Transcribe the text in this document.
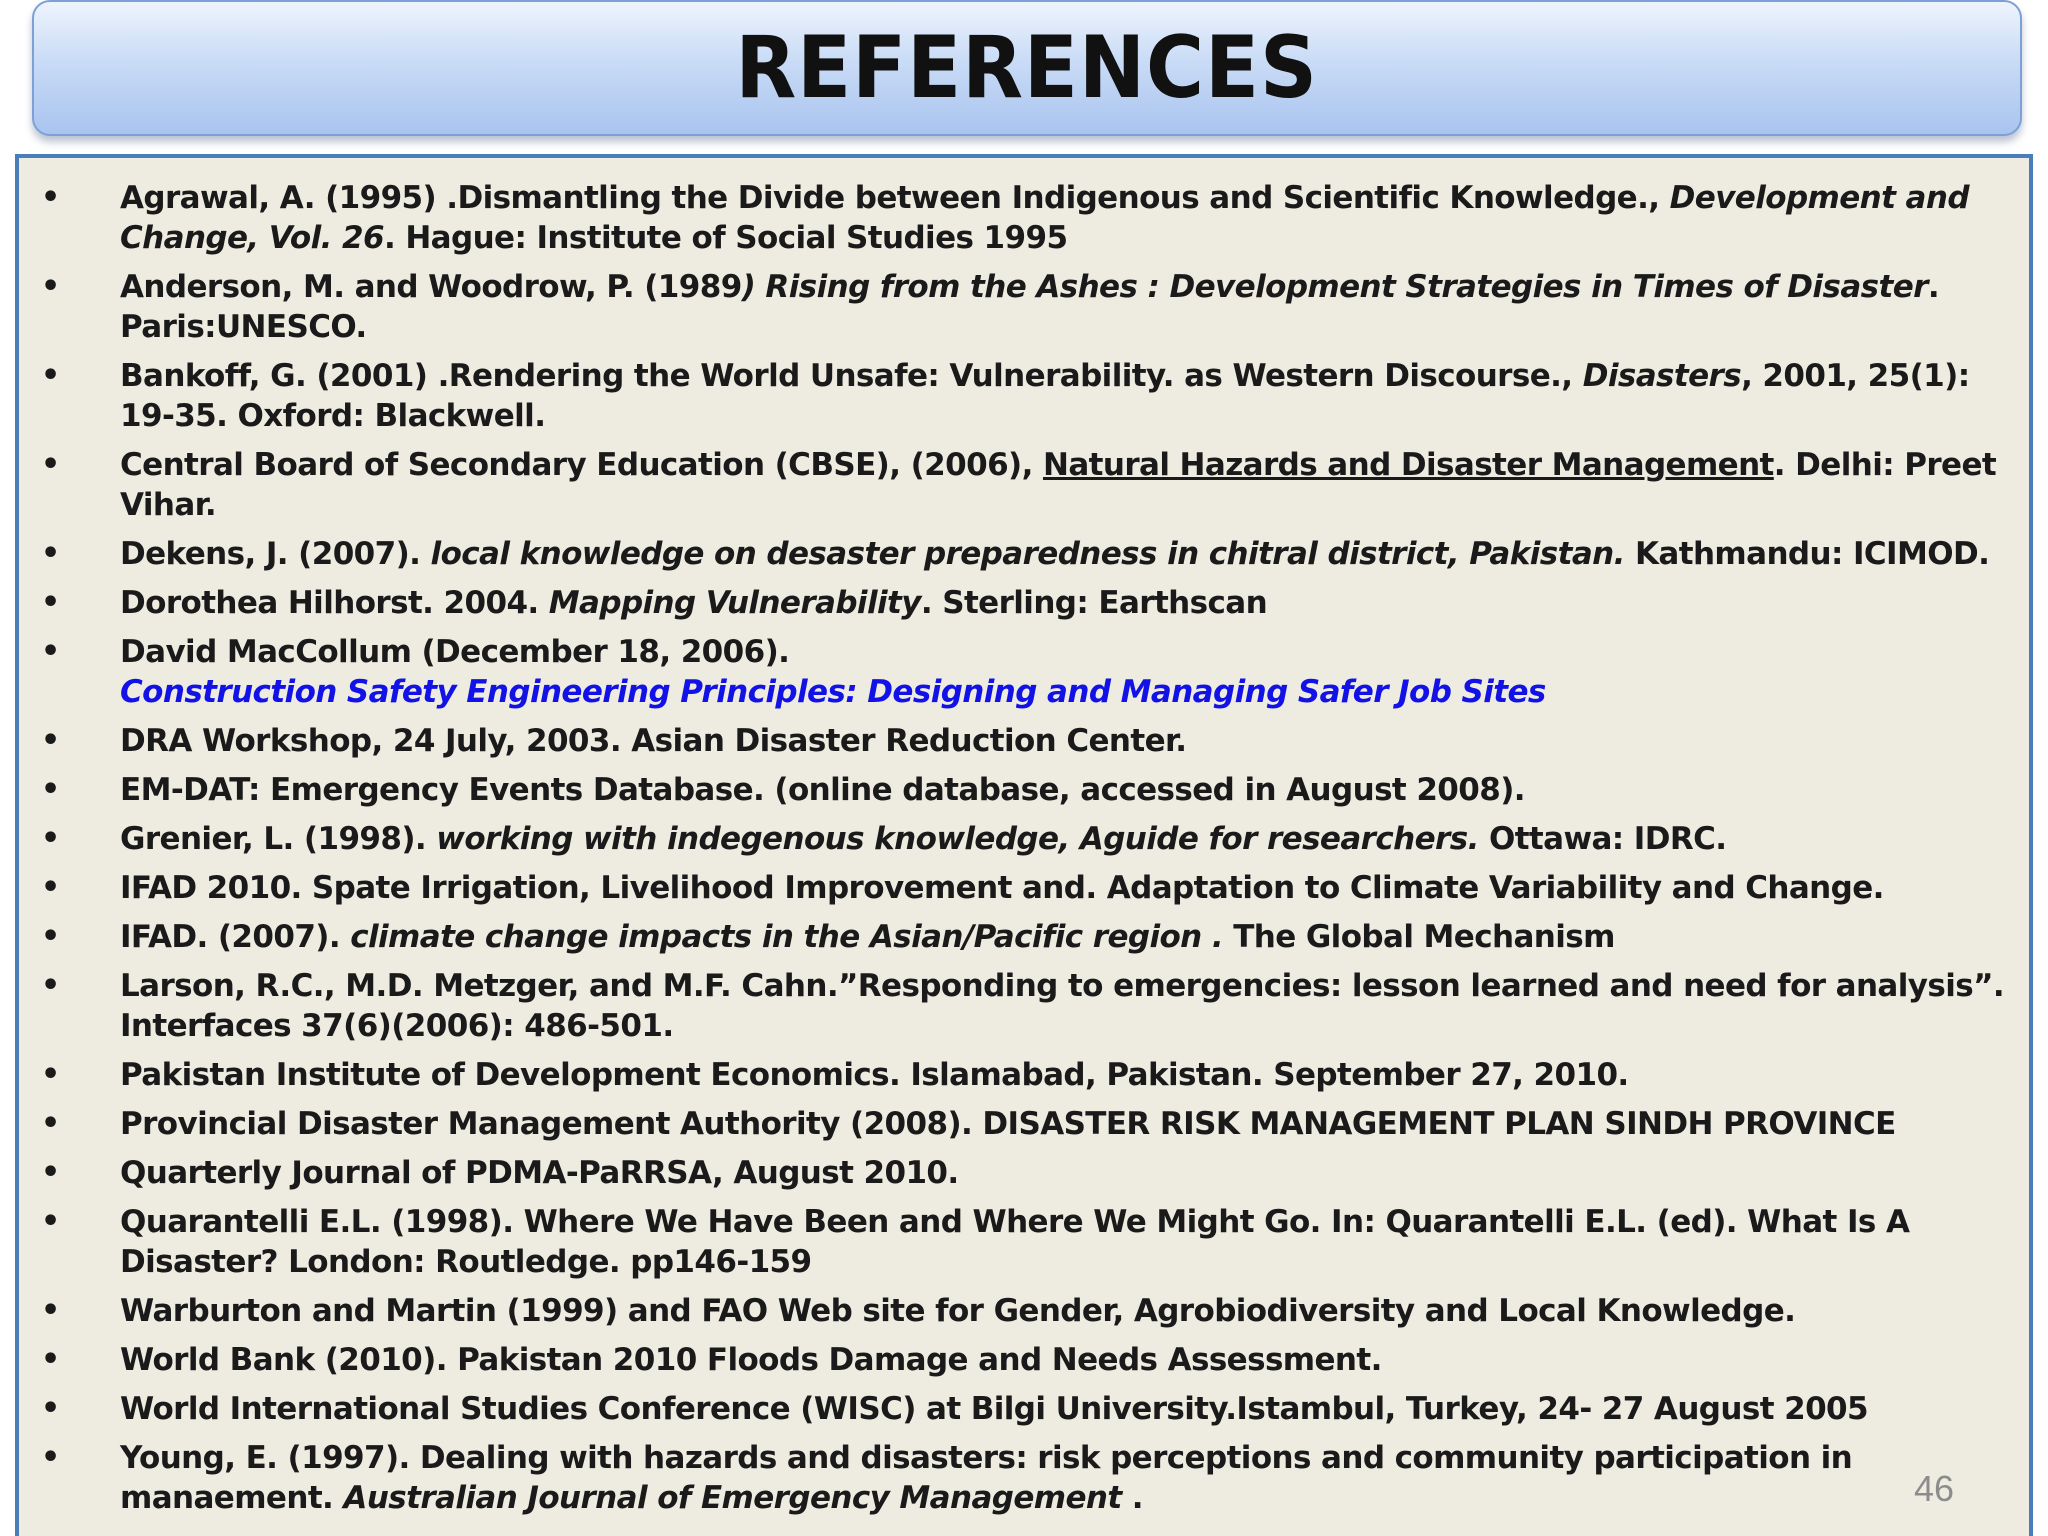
REFERENCES
•	Agrawal, A. (1995) .Dismantling the Divide between Indigenous and Scientific Knowledge., Development and Change, Vol. 26. Hague: Institute of Social Studies 1995
•	Anderson, M. and Woodrow, P. (1989) Rising from the Ashes : Development Strategies in Times of Disaster. Paris:UNESCO.
•	Bankoff, G. (2001) .Rendering the World Unsafe: Vulnerability. as Western Discourse., Disasters, 2001, 25(1): 19-35. Oxford: Blackwell.
•	Central Board of Secondary Education (CBSE), (2006), Natural Hazards and Disaster Management. Delhi: Preet Vihar.
•	Dekens, J. (2007). local knowledge on desaster preparedness in chitral district, Pakistan. Kathmandu: ICIMOD.
•	Dorothea Hilhorst. 2004. Mapping Vulnerability. Sterling: Earthscan
•	David MacCollum (December 18, 2006).
Construction Safety Engineering Principles: Designing and Managing Safer Job Sites
•	DRA Workshop, 24 July, 2003. Asian Disaster Reduction Center.
•	EM-DAT: Emergency Events Database. (online database, accessed in August 2008).
•	Grenier, L. (1998). working with indegenous knowledge, Aguide for researchers. Ottawa: IDRC.
•	IFAD 2010. Spate Irrigation, Livelihood Improvement and. Adaptation to Climate Variability and Change.
•	IFAD. (2007). climate change impacts in the Asian/Pacific region . The Global Mechanism
•	Larson, R.C., M.D. Metzger, and M.F. Cahn.”Responding to emergencies: lesson learned and need for analysis”. Interfaces 37(6)(2006): 486-501.
•	Pakistan Institute of Development Economics. Islamabad, Pakistan. September 27, 2010.
•	Provincial Disaster Management Authority (2008). DISASTER RISK MANAGEMENT PLAN SINDH PROVINCE
•	Quarterly Journal of PDMA-PaRRSA, August 2010.
•	Quarantelli E.L. (1998). Where We Have Been and Where We Might Go. In: Quarantelli E.L. (ed). What Is A Disaster? London: Routledge. pp146-159
•	Warburton and Martin (1999) and FAO Web site for Gender, Agrobiodiversity and Local Knowledge.
•	World Bank (2010). Pakistan 2010 Floods Damage and Needs Assessment.
•	World International Studies Conference (WISC) at Bilgi University.Istambul, Turkey, 24- 27 August 2005
•	Young, E. (1997). Dealing with hazards and disasters: risk perceptions and community participation in manaement. Australian Journal of Emergency Management .	46
